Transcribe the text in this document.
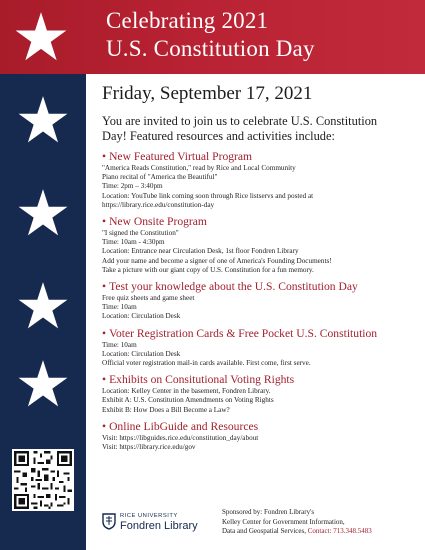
Celebrating 2021
U.S. Constitution Day
Friday, September 17, 2021
You are invited to join us to celebrate U.S. Constitution
Day! Featured resources and activities include:
• New Featured Virtual Program
"America Reads Constitution," read by Rice and Local Community
Piano recital of "America the Beautiful"
Time: 2pm – 3:40pm
Location: YouTube link coming soon through Rice listservs and posted at
https://library.rice.edu/constitution-day
• New Onsite Program
"I signed the Constitution"
Time: 10am - 4:30pm
Location: Entrance near Circulation Desk, 1st floor Fondren Library
Add your name and become a signer of one of America's Founding Documents!
Take a picture with our giant copy of U.S. Constitution for a fun memory.
• Test your knowledge about the U.S. Constitution Day
Free quiz sheets and game sheet
Time: 10am
Location: Circulation Desk
• Voter Registration Cards & Free Pocket U.S. Constitution
Time: 10am
Location: Circulation Desk
Official voter registration mail-in cards available. First come, first serve.
• Exhibits on Consitutional Voting Rights
Location: Kelley Center in the basement, Fondren Library.
Exhibit A: U.S. Constitution Amendments on Voting Rights
Exhibit B: How Does a Bill Become a Law?
• Online LibGuide and Resources
Visit: https://libguides.rice.edu/constitution_day/about
Visit: https://library.rice.edu/gov
RICE UNIVERSITY
Fondren Library
Sponsored by: Fondren Library's
Kelley Center for Government Information,
Data and Geospatial Services, Contact: 713.348.5483
